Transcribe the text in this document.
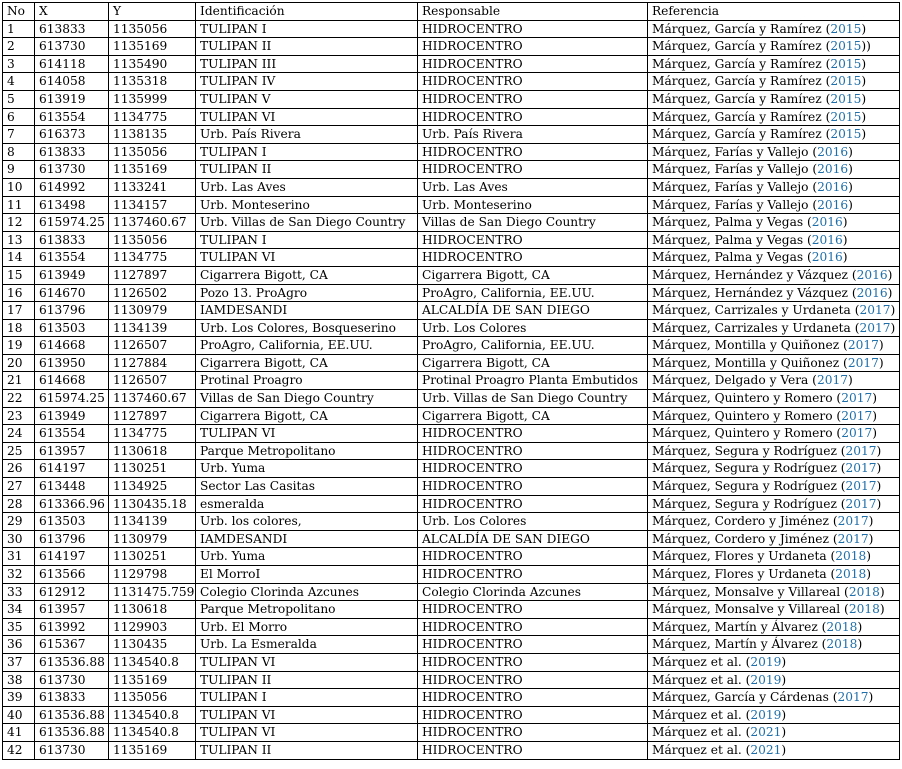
No	X	Y	Identificación	Responsable	Referencia
1	613833	1135056	TULIPAN I	HIDROCENTRO	Márquez, García y Ramírez (2015)
2	613730	1135169	TULIPAN II	HIDROCENTRO	Márquez, García y Ramírez (2015))
3	614118	1135490	TULIPAN III	HIDROCENTRO	Márquez, García y Ramírez (2015)
4	614058	1135318	TULIPAN IV	HIDROCENTRO	Márquez, García y Ramírez (2015)
5	613919	1135999	TULIPAN V	HIDROCENTRO	Márquez, García y Ramírez (2015)
6	613554	1134775	TULIPAN VI	HIDROCENTRO	Márquez, García y Ramírez (2015)
7	616373	1138135	Urb. País Rivera	Urb. País Rivera	Márquez, García y Ramírez (2015)
8	613833	1135056	TULIPAN I	HIDROCENTRO	Márquez, Farías y Vallejo (2016)
9	613730	1135169	TULIPAN II	HIDROCENTRO	Márquez, Farías y Vallejo (2016)
10	614992	1133241	Urb. Las Aves	Urb. Las Aves	Márquez, Farías y Vallejo (2016)
11	613498	1134157	Urb. Monteserino	Urb. Monteserino	Márquez, Farías y Vallejo (2016)
12	615974.25	1137460.67	Urb. Villas de San Diego Country	Villas de San Diego Country	Márquez, Palma y Vegas (2016)
13	613833	1135056	TULIPAN I	HIDROCENTRO	Márquez, Palma y Vegas (2016)
14	613554	1134775	TULIPAN VI	HIDROCENTRO	Márquez, Palma y Vegas (2016)
15	613949	1127897	Cigarrera Bigott, CA	Cigarrera Bigott, CA	Márquez, Hernández y Vázquez (2016)
16	614670	1126502	Pozo 13. ProAgro	ProAgro, California, EE.UU.	Márquez, Hernández y Vázquez (2016)
17	613796	1130979	IAMDESANDI	ALCALDÍA DE SAN DIEGO	Márquez, Carrizales y Urdaneta (2017)
18	613503	1134139	Urb. Los Colores, Bosqueserino	Urb. Los Colores	Márquez, Carrizales y Urdaneta (2017)
19	614668	1126507	ProAgro, California, EE.UU.	ProAgro, California, EE.UU.	Márquez, Montilla y Quiñonez (2017)
20	613950	1127884	Cigarrera Bigott, CA	Cigarrera Bigott, CA	Márquez, Montilla y Quiñonez (2017)
21	614668	1126507	Protinal Proagro	Protinal Proagro Planta Embutidos	Márquez, Delgado y Vera (2017)
22	615974.25	1137460.67	Villas de San Diego Country	Urb. Villas de San Diego Country	Márquez, Quintero y Romero (2017)
23	613949	1127897	Cigarrera Bigott, CA	Cigarrera Bigott, CA	Márquez, Quintero y Romero (2017)
24	613554	1134775	TULIPAN VI	HIDROCENTRO	Márquez, Quintero y Romero (2017)
25	613957	1130618	Parque Metropolitano	HIDROCENTRO	Márquez, Segura y Rodríguez (2017)
26	614197	1130251	Urb. Yuma	HIDROCENTRO	Márquez, Segura y Rodríguez (2017)
27	613448	1134925	Sector Las Casitas	HIDROCENTRO	Márquez, Segura y Rodríguez (2017)
28	613366.96	1130435.18	esmeralda	HIDROCENTRO	Márquez, Segura y Rodríguez (2017)
29	613503	1134139	Urb. los colores,	Urb. Los Colores	Márquez, Cordero y Jiménez (2017)
30	613796	1130979	IAMDESANDI	ALCALDÍA DE SAN DIEGO	Márquez, Cordero y Jiménez (2017)
31	614197	1130251	Urb. Yuma	HIDROCENTRO	Márquez, Flores y Urdaneta (2018)
32	613566	1129798	El MorroI	HIDROCENTRO	Márquez, Flores y Urdaneta (2018)
33	612912	1131475.759	Colegio Clorinda Azcunes	Colegio Clorinda Azcunes	Márquez, Monsalve y Villareal (2018)
34	613957	1130618	Parque Metropolitano	HIDROCENTRO	Márquez, Monsalve y Villareal (2018)
35	613992	1129903	Urb. El Morro	HIDROCENTRO	Márquez, Martín y Álvarez (2018)
36	615367	1130435	Urb. La Esmeralda	HIDROCENTRO	Márquez, Martín y Álvarez (2018)
37	613536.88	1134540.8	TULIPAN VI	HIDROCENTRO	Márquez et al. (2019)
38	613730	1135169	TULIPAN II	HIDROCENTRO	Márquez et al. (2019)
39	613833	1135056	TULIPAN I	HIDROCENTRO	Márquez, García y Cárdenas (2017)
40	613536.88	1134540.8	TULIPAN VI	HIDROCENTRO	Márquez et al. (2019)
41	613536.88	1134540.8	TULIPAN VI	HIDROCENTRO	Márquez et al. (2021)
42	613730	1135169	TULIPAN II	HIDROCENTRO	Márquez et al. (2021)
